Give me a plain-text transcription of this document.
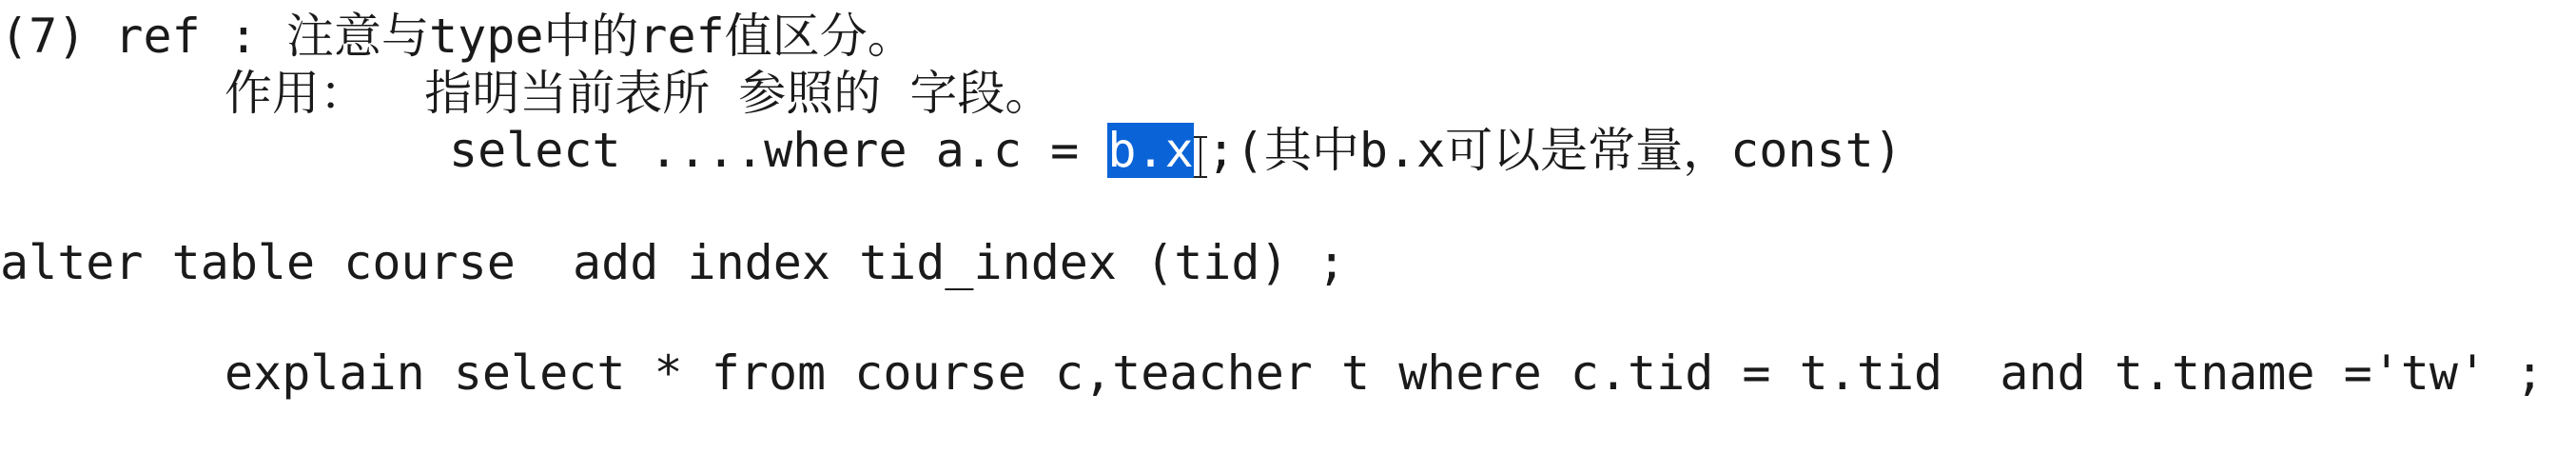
(7) ref : 注意与type中的ref值区分。
作用：  指明当前表所 参照的 字段。
select ....where a.c = b.x ;(其中b.x可以是常量，const)
alter table course  add index tid_index (tid) ;
explain select * from course c,teacher t where c.tid = t.tid  and t.tname ='tw' ;
